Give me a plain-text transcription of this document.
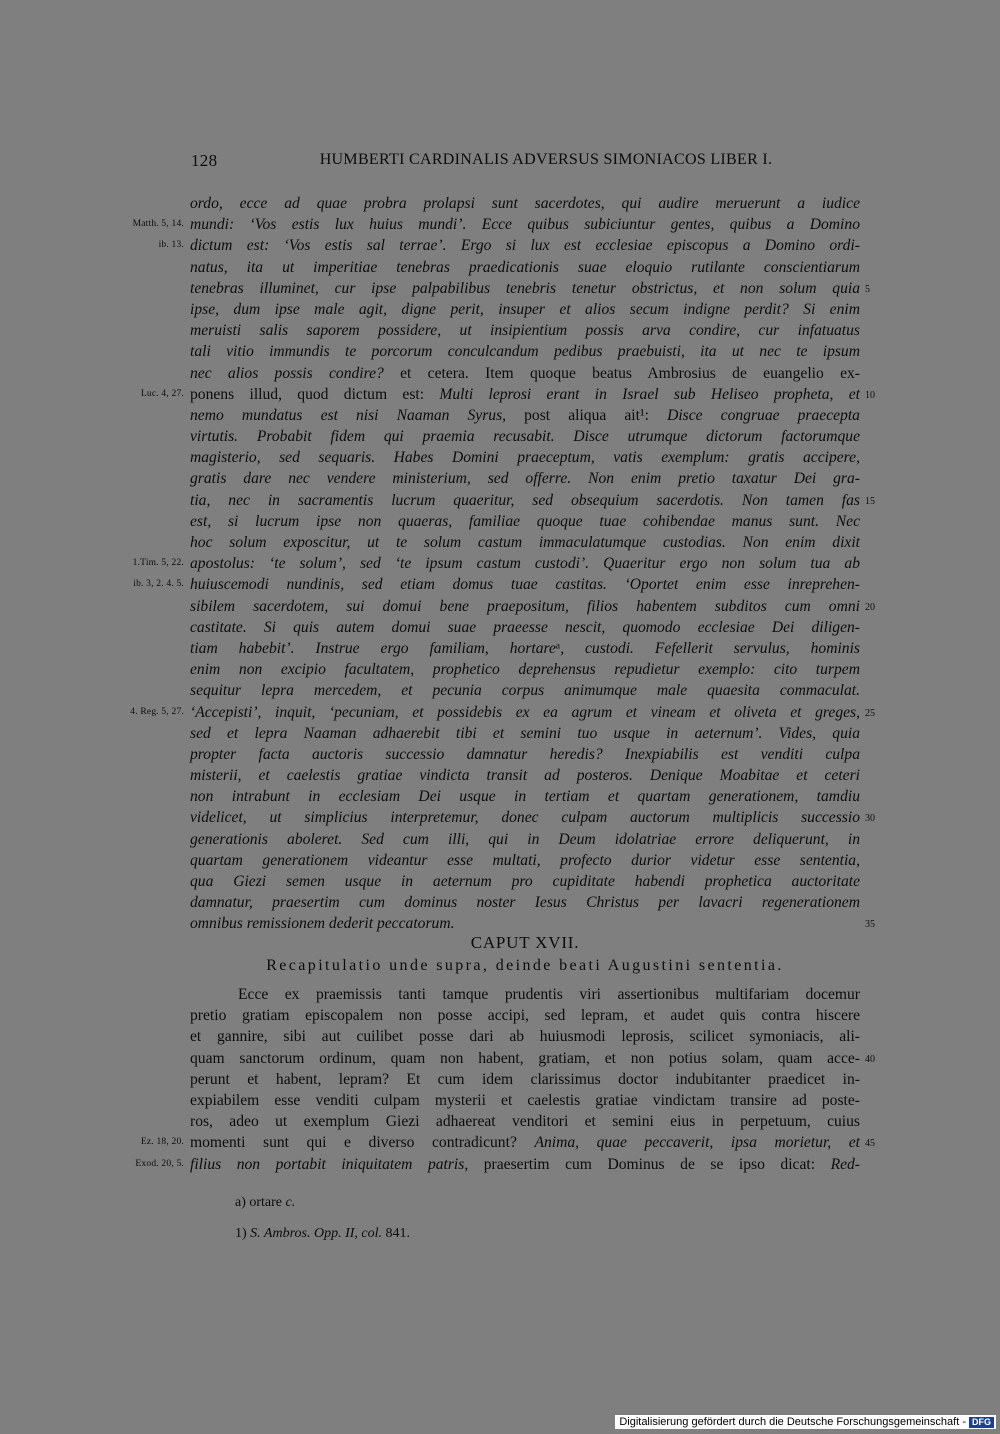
128	HUMBERTI CARDINALIS ADVERSUS SIMONIACOS LIBER I.
ordo, ecce ad quae probra prolapsi sunt sacerdotes, qui audire meruerunt a iudice
Matth. 5, 14. mundi: ‘Vos estis lux huius mundi’. Ecce quibus subiciuntur gentes, quibus a Domino
ib. 13. dictum est: ‘Vos estis sal terrae’. Ergo si lux est ecclesiae episcopus a Domino ordi-
natus, ita ut imperitiae tenebras praedicationis suae eloquio rutilante conscientiarum
tenebras illuminet, cur ipse palpabilibus tenebris tenetur obstrictus, et non solum quia 5
ipse, dum ipse male agit, digne perit, insuper et alios secum indigne perdit? Si enim
meruisti salis saporem possidere, ut insipientium possis arva condire, cur infatuatus
tali vitio immundis te porcorum conculcandum pedibus praebuisti, ita ut nec te ipsum
nec alios possis condire? et cetera. Item quoque beatus Ambrosius de euangelio ex-
Luc. 4, 27. ponens illud, quod dictum est: Multi leprosi erant in Israel sub Heliseo propheta, et 10
nemo mundatus est nisi Naaman Syrus, post aliqua ait¹: Disce congruae praecepta
virtutis. Probabit fidem qui praemia recusabit. Disce utrumque dictorum factorumque
magisterio, sed sequaris. Habes Domini praeceptum, vatis exemplum: gratis accipere,
gratis dare nec vendere ministerium, sed offerre. Non enim pretio taxatur Dei gra-
tia, nec in sacramentis lucrum quaeritur, sed obsequium sacerdotis. Non tamen fas 15
est, si lucrum ipse non quaeras, familiae quoque tuae cohibendae manus sunt. Nec
hoc solum exposcitur, ut te solum castum immaculatumque custodias. Non enim dixit
1.Tim. 5, 22. apostolus: ‘te solum’, sed ‘te ipsum castum custodi’. Quaeritur ergo non solum tua ab
ib. 3, 2. 4. 5. huiuscemodi nundinis, sed etiam domus tuae castitas. ‘Oportet enim esse inreprehen-
sibilem sacerdotem, sui domui bene praepositum, filios habentem subditos cum omni 20
castitate. Si quis autem domui suae praeesse nescit, quomodo ecclesiae Dei diligen-
tiam habebit’. Instrue ergo familiam, hortareᵃ, custodi. Fefellerit servulus, hominis
enim non excipio facultatem, prophetico deprehensus repudietur exemplo: cito turpem
sequitur lepra mercedem, et pecunia corpus animumque male quaesita commaculat.
4. Reg. 5, 27. ‘Accepisti’, inquit, ‘pecuniam, et possidebis ex ea agrum et vineam et oliveta et greges, 25
sed et lepra Naaman adhaerebit tibi et semini tuo usque in aeternum’. Vides, quia
propter facta auctoris successio damnatur heredis? Inexpiabilis est venditi culpa
misterii, et caelestis gratiae vindicta transit ad posteros. Denique Moabitae et ceteri
non intrabunt in ecclesiam Dei usque in tertiam et quartam generationem, tamdiu
videlicet, ut simplicius interpretemur, donec culpam auctorum multiplicis successio 30
generationis aboleret. Sed cum illi, qui in Deum idolatriae errore deliquerunt, in
quartam generationem videantur esse multati, profecto durior videtur esse sententia,
qua Giezi semen usque in aeternum pro cupiditate habendi prophetica auctoritate
damnatur, praesertim cum dominus noster Iesus Christus per lavacri regenerationem
omnibus remissionem dederit peccatorum.	35
CAPUT XVII.
Recapitulatio unde supra, deinde beati Augustini sententia.
Ecce ex praemissis tanti tamque prudentis viri assertionibus multifariam docemur
pretio gratiam episcopalem non posse accipi, sed lepram, et audet quis contra hiscere
et gannire, sibi aut cuilibet posse dari ab huiusmodi leprosis, scilicet symoniacis, ali-
quam sanctorum ordinum, quam non habent, gratiam, et non potius solam, quam acce- 40
perunt et habent, lepram? Et cum idem clarissimus doctor indubitanter praedicet in-
expiabilem esse venditi culpam mysterii et caelestis gratiae vindictam transire ad poste-
ros, adeo ut exemplum Giezi adhaereat venditori et semini eius in perpetuum, cuius
Ez. 18, 20. momenti sunt qui e diverso contradicunt? Anima, quae peccaverit, ipsa morietur, et 45
Exod. 20, 5. filius non portabit iniquitatem patris, praesertim cum Dominus de se ipso dicat: Red-
a) ortare c.
1) S. Ambros. Opp. II, col. 841.
Digitalisierung gefördert durch die Deutsche Forschungsgemeinschaft - DFG
